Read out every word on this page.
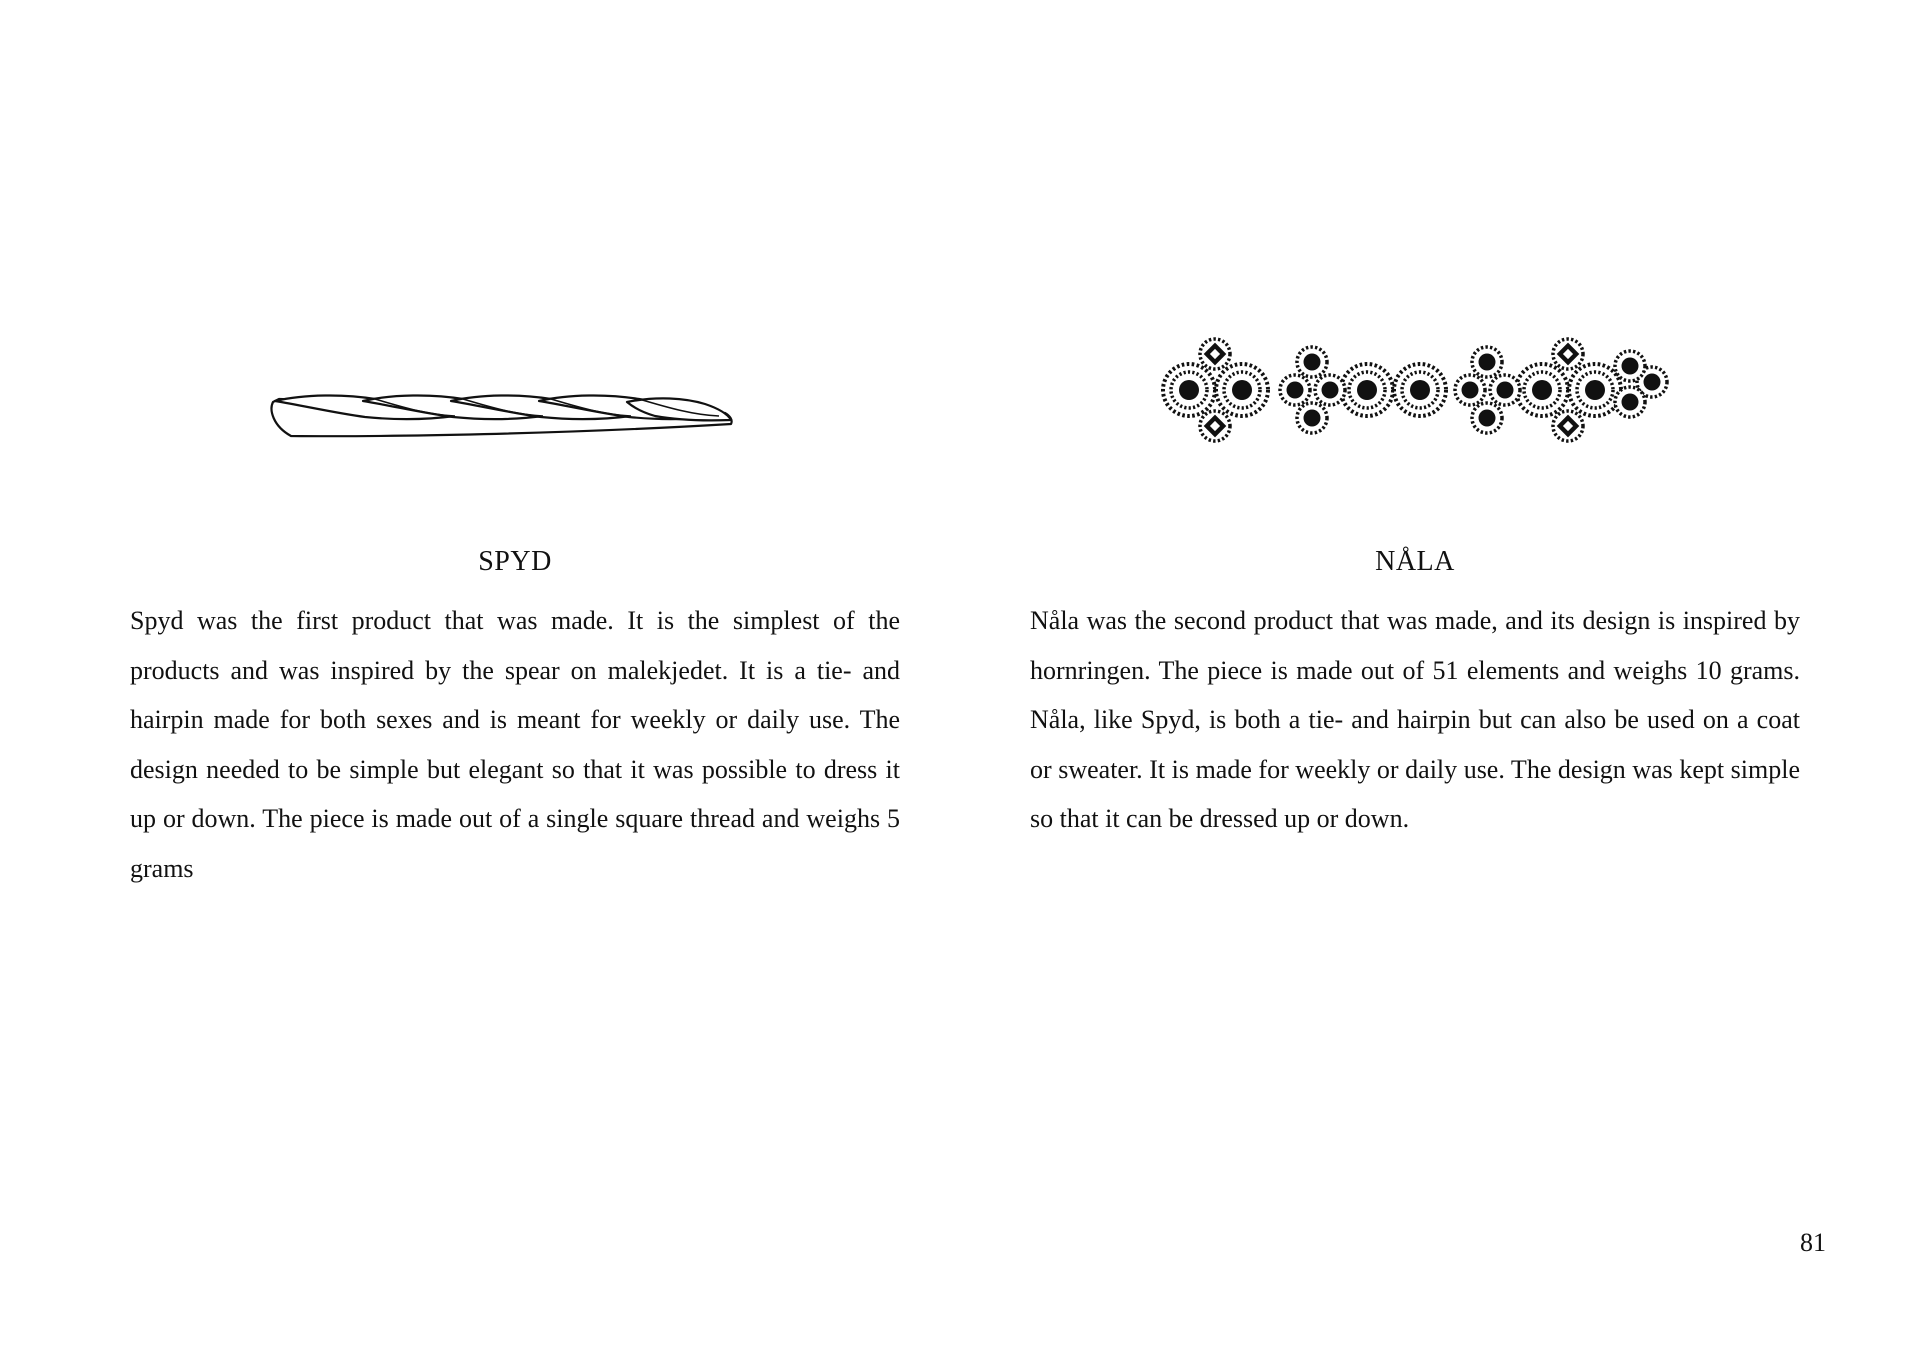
SPYD

Spyd was the first product that was made. It is the simplest of the products and was inspired by the spear on malekjedet. It is a tie- and hairpin made for both sexes and is meant for weekly or daily use. The design needed to be simple but elegant so that it was possible to dress it up or down. The piece is made out of a single square thread and weighs 5 grams

NÅLA

Nåla was the second product that was made, and its design is inspired by hornringen. The piece is made out of 51 elements and weighs 10 grams. Nåla, like Spyd, is both a tie- and hairpin but can also be used on a coat or sweater. It is made for weekly or daily use. The design was kept simple so that it can be dressed up or down.

81
